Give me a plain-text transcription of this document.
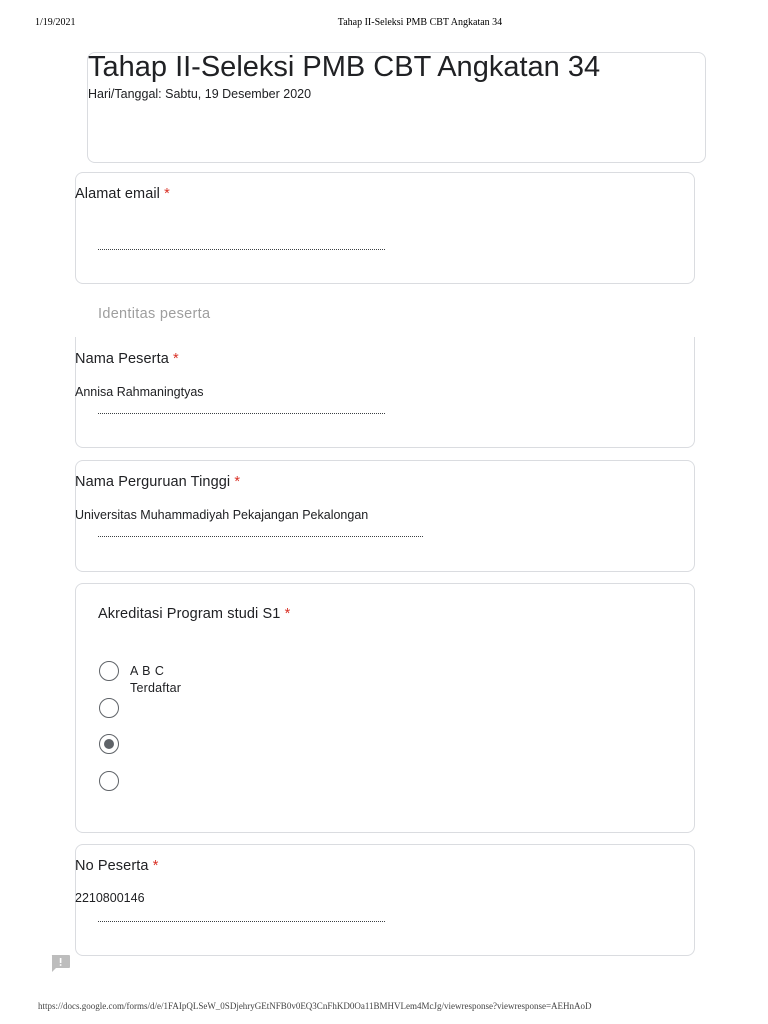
1/19/2021	Tahap II-Seleksi PMB CBT Angkatan 34
Tahap II-Seleksi PMB CBT Angkatan 34
Hari/Tanggal: Sabtu, 19 Desember 2020
Alamat email *
Identitas peserta
Nama Peserta *
Annisa Rahmaningtyas
Nama Perguruan Tinggi *
Universitas Muhammadiyah Pekajangan Pekalongan
Akreditasi Program studi S1 *
A B C
Terdaftar
No Peserta *
2210800146
https://docs.google.com/forms/d/e/1FAIpQLSeW_0SDjehryGEtNFB0v0EQ3CnFhKD0Oa11BMHVLem4McJg/viewresponse?viewresponse=AEHnAoD
